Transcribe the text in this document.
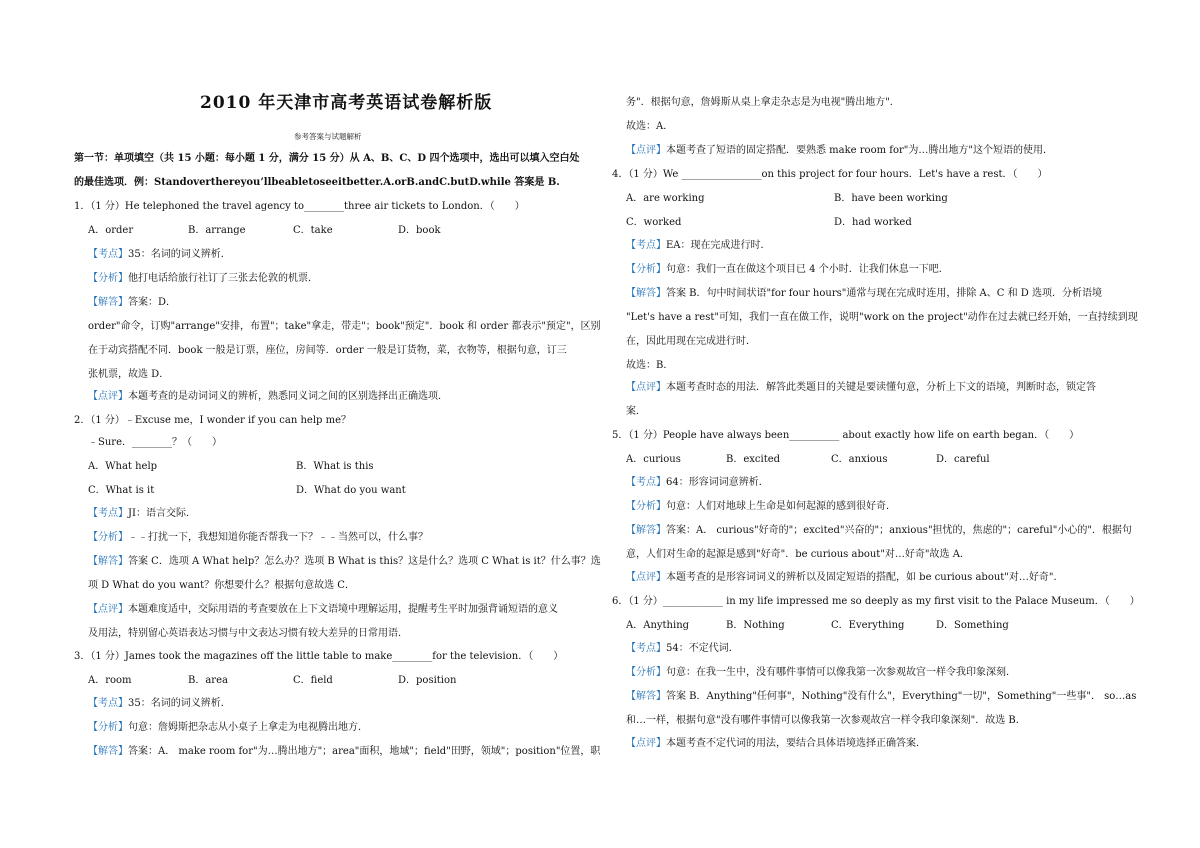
2010 年天津市高考英语试卷解析版
参考答案与试题解析
第一节：单项填空（共 15 小题：每小题 1 分，满分 15 分）从 A、B、C、D 四个选项中，选出可以填入空白处
的最佳选项．例：Standoverthereyou’llbeabletoseeitbetter.A.orB.andC.butD.while 答案是 B.
1．（1 分）He telephoned the travel agency to________three air tickets to London．（　　）
A．order	B．arrange	C．take	D．book
【考点】35：名词的词义辨析．
【分析】他打电话给旅行社订了三张去伦敦的机票．
【解答】答案：D．
order"命令，订购"arrange"安排，布置"；take"拿走，带走"；book"预定"．book 和 order 都表示"预定"，区别
在于动宾搭配不同．book 一般是订票，座位，房间等．order 一般是订货物，菜，衣物等，根据句意，订三
张机票，故选 D．
【点评】本题考查的是动词词义的辨析，熟悉同义词之间的区别选择出正确选项．
2．（1 分）﹣Excuse me，I wonder if you can help me？
﹣Sure．________？（　　）
A．What help	B．What is this
C．What is it	D．What do you want
【考点】JI：语言交际．
【分析】﹣﹣打扰一下，我想知道你能否帮我一下？﹣﹣当然可以，什么事？
【解答】答案 C．选项 A What help？怎么办？选项 B What is this？这是什么？选项 C What is it？什么事？选
项 D What do you want？你想要什么？根据句意故选 C．
【点评】本题难度适中，交际用语的考查要放在上下文语境中理解运用，提醒考生平时加强背诵短语的意义
及用法，特别留心英语表达习惯与中文表达习惯有较大差异的日常用语．
3．（1 分）James took the magazines off the little table to make________for the television．（　　）
A．room	B．area	C．field	D．position
【考点】35：名词的词义辨析．
【分析】句意：詹姆斯把杂志从小桌子上拿走为电视腾出地方．
【解答】答案：A． make room for"为…腾出地方"；area"面积，地域"；field"田野，领域"；position"位置，职
务"．根据句意，詹姆斯从桌上拿走杂志是为电视"腾出地方"．
故选：A．
【点评】本题考查了短语的固定搭配．要熟悉 make room for"为…腾出地方"这个短语的使用．
4．（1 分）We ________________on this project for four hours．Let's have a rest．（　　）
A．are working	B．have been working
C．worked	D．had worked
【考点】EA：现在完成进行时．
【分析】句意：我们一直在做这个项目已 4 个小时．让我们休息一下吧．
【解答】答案 B．句中时间状语"for four hours"通常与现在完成时连用，排除 A、C 和 D 选项．分析语境
"Let's have a rest"可知，我们一直在做工作，说明"work on the project"动作在过去就已经开始，一直持续到现
在，因此用现在完成进行时．
故选：B．
【点评】本题考查时态的用法．解答此类题目的关键是要读懂句意，分析上下文的语境，判断时态，锁定答
案．
5．（1 分）People have always been__________ about exactly how life on earth began．（　　）
A．curious	B．excited	C．anxious	D．careful
【考点】64：形容词词意辨析．
【分析】句意：人们对地球上生命是如何起源的感到很好奇．
【解答】答案：A． curious"好奇的"；excited"兴奋的"；anxious"担忧的，焦虑的"；careful"小心的"．根据句
意，人们对生命的起源是感到"好奇"．be curious about"对…好奇"故选 A．
【点评】本题考查的是形容词词义的辨析以及固定短语的搭配，如 be curious about"对…好奇"．
6．（1 分）____________ in my life impressed me so deeply as my first visit to the Palace Museum．（　　）
A．Anything	B．Nothing	C．Everything	D．Something
【考点】54：不定代词．
【分析】句意：在我一生中，没有哪件事情可以像我第一次参观故宫一样令我印象深刻．
【解答】答案 B．Anything"任何事"，Nothing"没有什么"，Everything"一切"，Something"一些事"． so…as
和…一样，根据句意"没有哪件事情可以像我第一次参观故宫一样令我印象深刻"．故选 B．
【点评】本题考查不定代词的用法，要结合具体语境选择正确答案．
